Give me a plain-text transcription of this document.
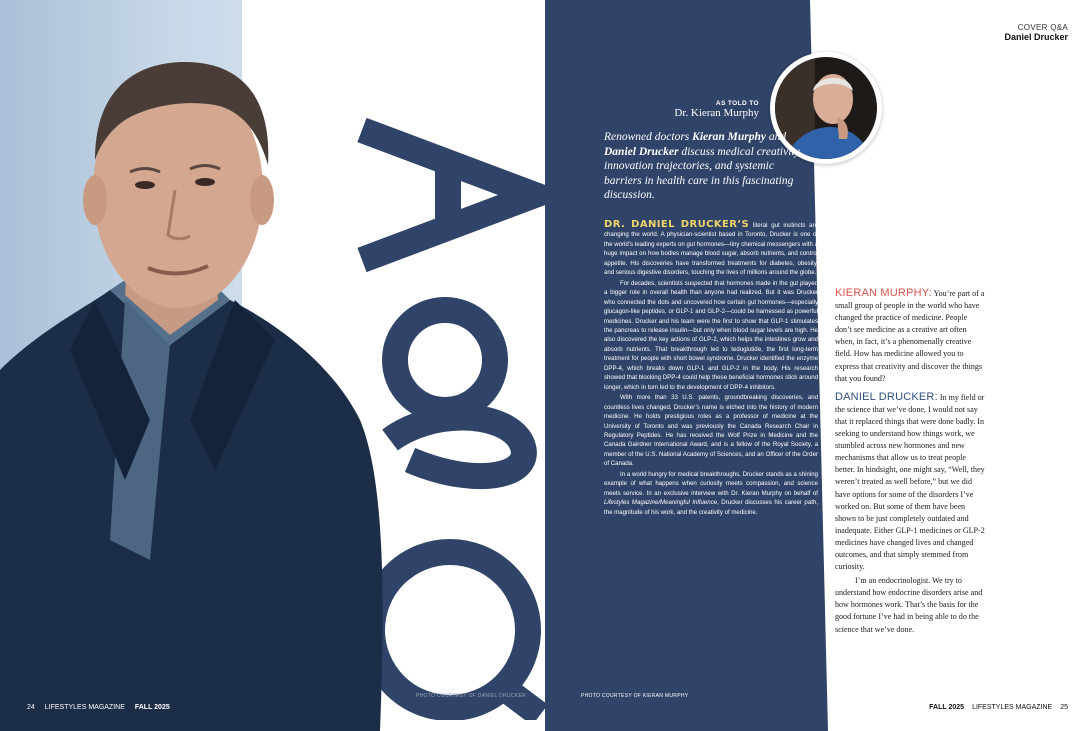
PHOTO COURTESY OF DANIEL DRUCKER
24 LIFESTYLES MAGAZINE FALL 2025
COVER Q&A
Daniel Drucker
AS TOLD TO
Dr. Kieran Murphy
Renowned doctors Kieran Murphy and Daniel Drucker discuss medical creativity, innovation trajectories, and systemic barriers in health care in this fascinating discussion.

DR. DANIEL DRUCKER’S literal gut instincts are changing the world. A physician-scientist based in Toronto, Drucker is one of the world’s leading experts on gut hormones—tiny chemical messengers with a huge impact on how bodies manage blood sugar, absorb nutrients, and control appetite. His discoveries have transformed treatments for diabetes, obesity, and serious digestive disorders, touching the lives of millions around the globe.

For decades, scientists suspected that hormones made in the gut played a bigger role in overall health than anyone had realized. But it was Drucker who connected the dots and uncovered how certain gut hormones—especially glucagon-like peptides, or GLP-1 and GLP-2—could be harnessed as powerful medicines. Drucker and his team were the first to show that GLP-1 stimulates the pancreas to release insulin—but only when blood sugar levels are high. He also discovered the key actions of GLP-2, which helps the intestines grow and absorb nutrients. That breakthrough led to teduglutide, the first long-term treatment for people with short bowel syndrome. Drucker identified the enzyme DPP-4, which breaks down GLP-1 and GLP-2 in the body. His research showed that blocking DPP-4 could help these beneficial hormones stick around longer, which in turn led to the development of DPP-4 inhibitors.

With more than 33 U.S. patents, groundbreaking discoveries, and countless lives changed, Drucker’s name is etched into the history of modern medicine. He holds prestigious roles as a professor of medicine at the University of Toronto and was previously the Canada Research Chair in Regulatory Peptides. He has received the Wolf Prize in Medicine and the Canada Gairdner International Award, and is a fellow of the Royal Society, a member of the U.S. National Academy of Sciences, and an Officer of the Order of Canada.

In a world hungry for medical breakthroughs, Drucker stands as a shining example of what happens when curiosity meets compassion, and science meets service. In an exclusive interview with Dr. Kieran Murphy on behalf of Lifestyles Magazine/Meaningful Influence, Drucker discusses his career path, the magnitude of his work, and the creativity of medicine.

PHOTO COURTESY OF KIERAN MURPHY

KIERAN MURPHY: You’re part of a small group of people in the world who have changed the practice of medicine. People don’t see medicine as a creative art often when, in fact, it’s a phenomenally creative field. How has medicine allowed you to express that creativity and discover the things that you found?

DANIEL DRUCKER: In my field or the science that we’ve done, I would not say that it replaced things that were done badly. In seeking to understand how things work, we stumbled across new hormones and new mechanisms that allow us to treat people better. In hindsight, one might say, “Well, they weren’t treated as well before,” but we did have options for some of the disorders I’ve worked on. But some of them have been shown to be just completely outdated and inadequate. Either GLP-1 medicines or GLP-2 medicines have changed lives and changed outcomes, and that simply stemmed from curiosity.

I’m an endocrinologist. We try to understand how endocrine disorders arise and how hormones work. That’s the basis for the good fortune I’ve had in being able to do the science that we’ve done.

FALL 2025 LIFESTYLES MAGAZINE 25
